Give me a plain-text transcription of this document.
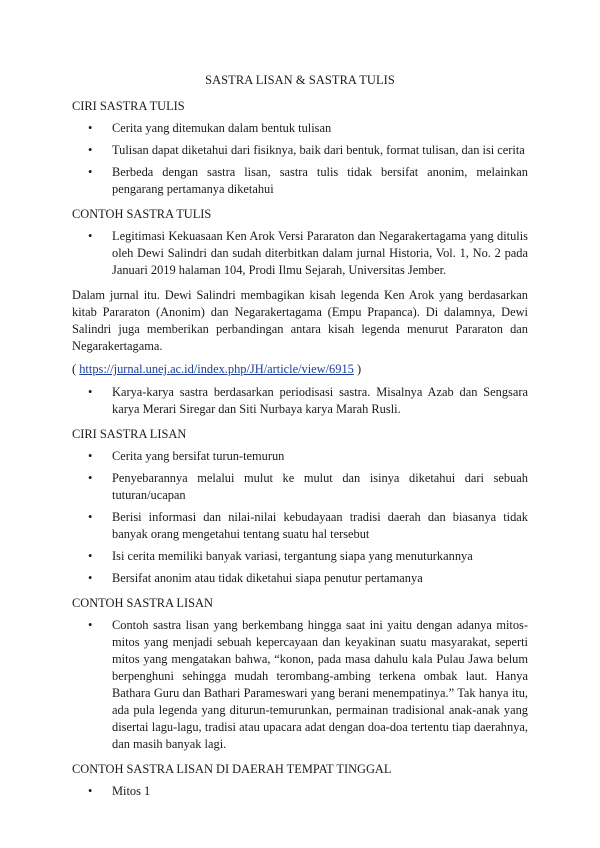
SASTRA LISAN & SASTRA TULIS
CIRI SASTRA TULIS
• Cerita yang ditemukan dalam bentuk tulisan
• Tulisan dapat diketahui dari fisiknya, baik dari bentuk, format tulisan, dan isi cerita
• Berbeda dengan sastra lisan, sastra tulis tidak bersifat anonim, melainkan pengarang pertamanya diketahui
CONTOH SASTRA TULIS
• Legitimasi Kekuasaan Ken Arok Versi Pararaton dan Negarakertagama yang ditulis oleh Dewi Salindri dan sudah diterbitkan dalam jurnal Historia, Vol. 1, No. 2 pada Januari 2019 halaman 104, Prodi Ilmu Sejarah, Universitas Jember.

Dalam jurnal itu. Dewi Salindri membagikan kisah legenda Ken Arok yang berdasarkan kitab Pararaton (Anonim) dan Negarakertagama (Empu Prapanca). Di dalamnya, Dewi Salindri juga memberikan perbandingan antara kisah legenda menurut Pararaton dan Negarakertagama.

( https://jurnal.unej.ac.id/index.php/JH/article/view/6915 )
• Karya-karya sastra berdasarkan periodisasi sastra. Misalnya Azab dan Sengsara karya Merari Siregar dan Siti Nurbaya karya Marah Rusli.
CIRI SASTRA LISAN
• Cerita yang bersifat turun-temurun
• Penyebarannya melalui mulut ke mulut dan isinya diketahui dari sebuah tuturan/ucapan
• Berisi informasi dan nilai-nilai kebudayaan tradisi daerah dan biasanya tidak banyak orang mengetahui tentang suatu hal tersebut
• Isi cerita memiliki banyak variasi, tergantung siapa yang menuturkannya
• Bersifat anonim atau tidak diketahui siapa penutur pertamanya
CONTOH SASTRA LISAN
• Contoh sastra lisan yang berkembang hingga saat ini yaitu dengan adanya mitos-mitos yang menjadi sebuah kepercayaan dan keyakinan suatu masyarakat, seperti mitos yang mengatakan bahwa, “konon, pada masa dahulu kala Pulau Jawa belum berpenghuni sehingga mudah terombang-ambing terkena ombak laut. Hanya Bathara Guru dan Bathari Parameswari yang berani menempatinya.” Tak hanya itu, ada pula legenda yang diturun-temurunkan, permainan tradisional anak-anak yang disertai lagu-lagu, tradisi atau upacara adat dengan doa-doa tertentu tiap daerahnya, dan masih banyak lagi.
CONTOH SASTRA LISAN DI DAERAH TEMPAT TINGGAL
• Mitos 1
